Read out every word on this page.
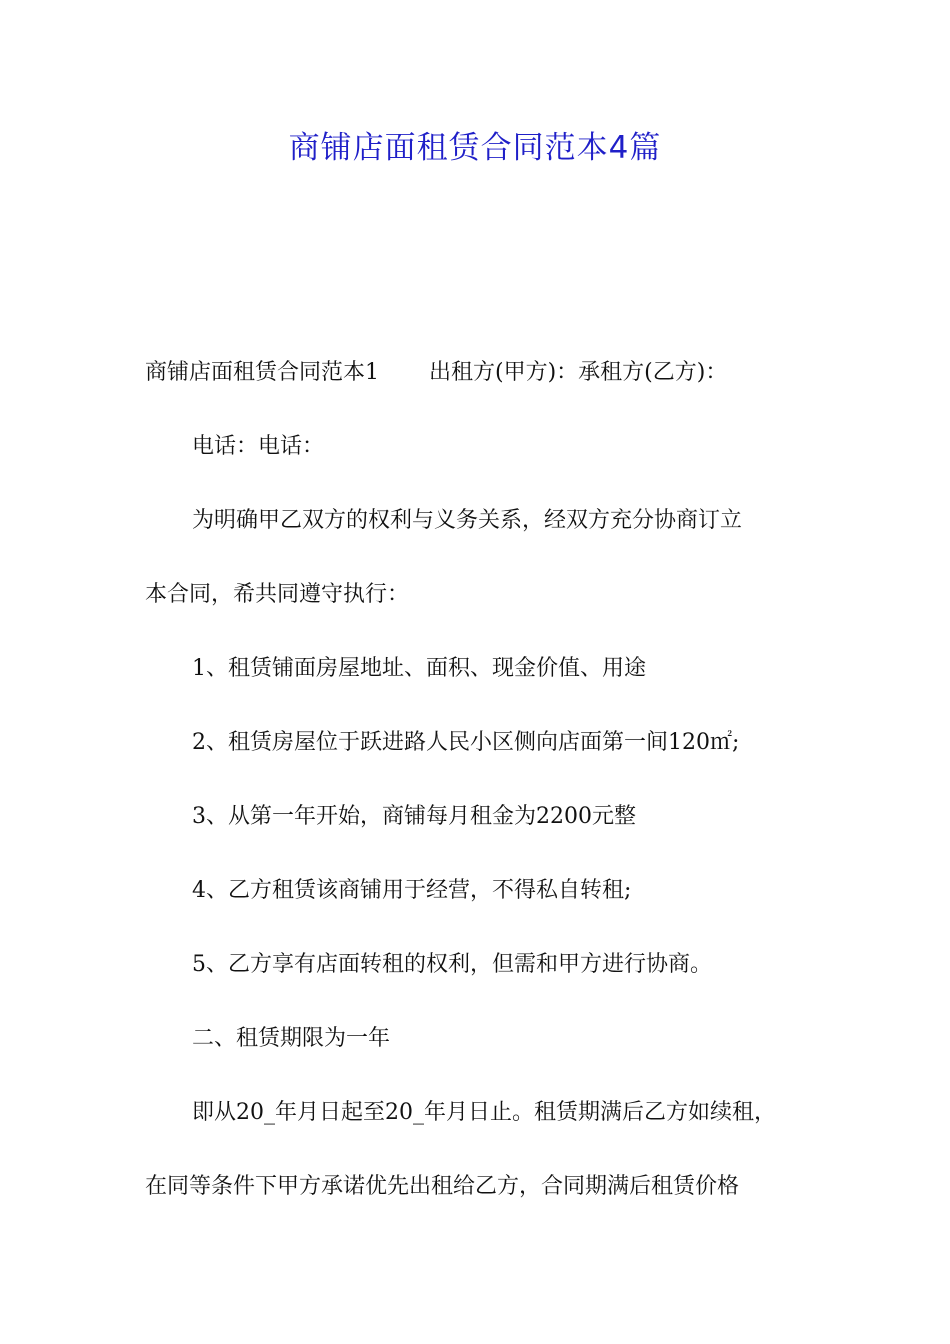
商铺店面租赁合同范本4篇

商铺店面租赁合同范本1 出租方(甲方)：承租方(乙方)：

电话：电话：

为明确甲乙双方的权利与义务关系，经双方充分协商订立

本合同，希共同遵守执行：

1、租赁铺面房屋地址、面积、现金价值、用途

2、租赁房屋位于跃进路人民小区侧向店面第一间120㎡;

3、从第一年开始，商铺每月租金为2200元整

4、乙方租赁该商铺用于经营，不得私自转租;

5、乙方享有店面转租的权利，但需和甲方进行协商。

二、租赁期限为一年

即从20_年月日起至20_年月日止。租赁期满后乙方如续租，

在同等条件下甲方承诺优先出租给乙方，合同期满后租赁价格
